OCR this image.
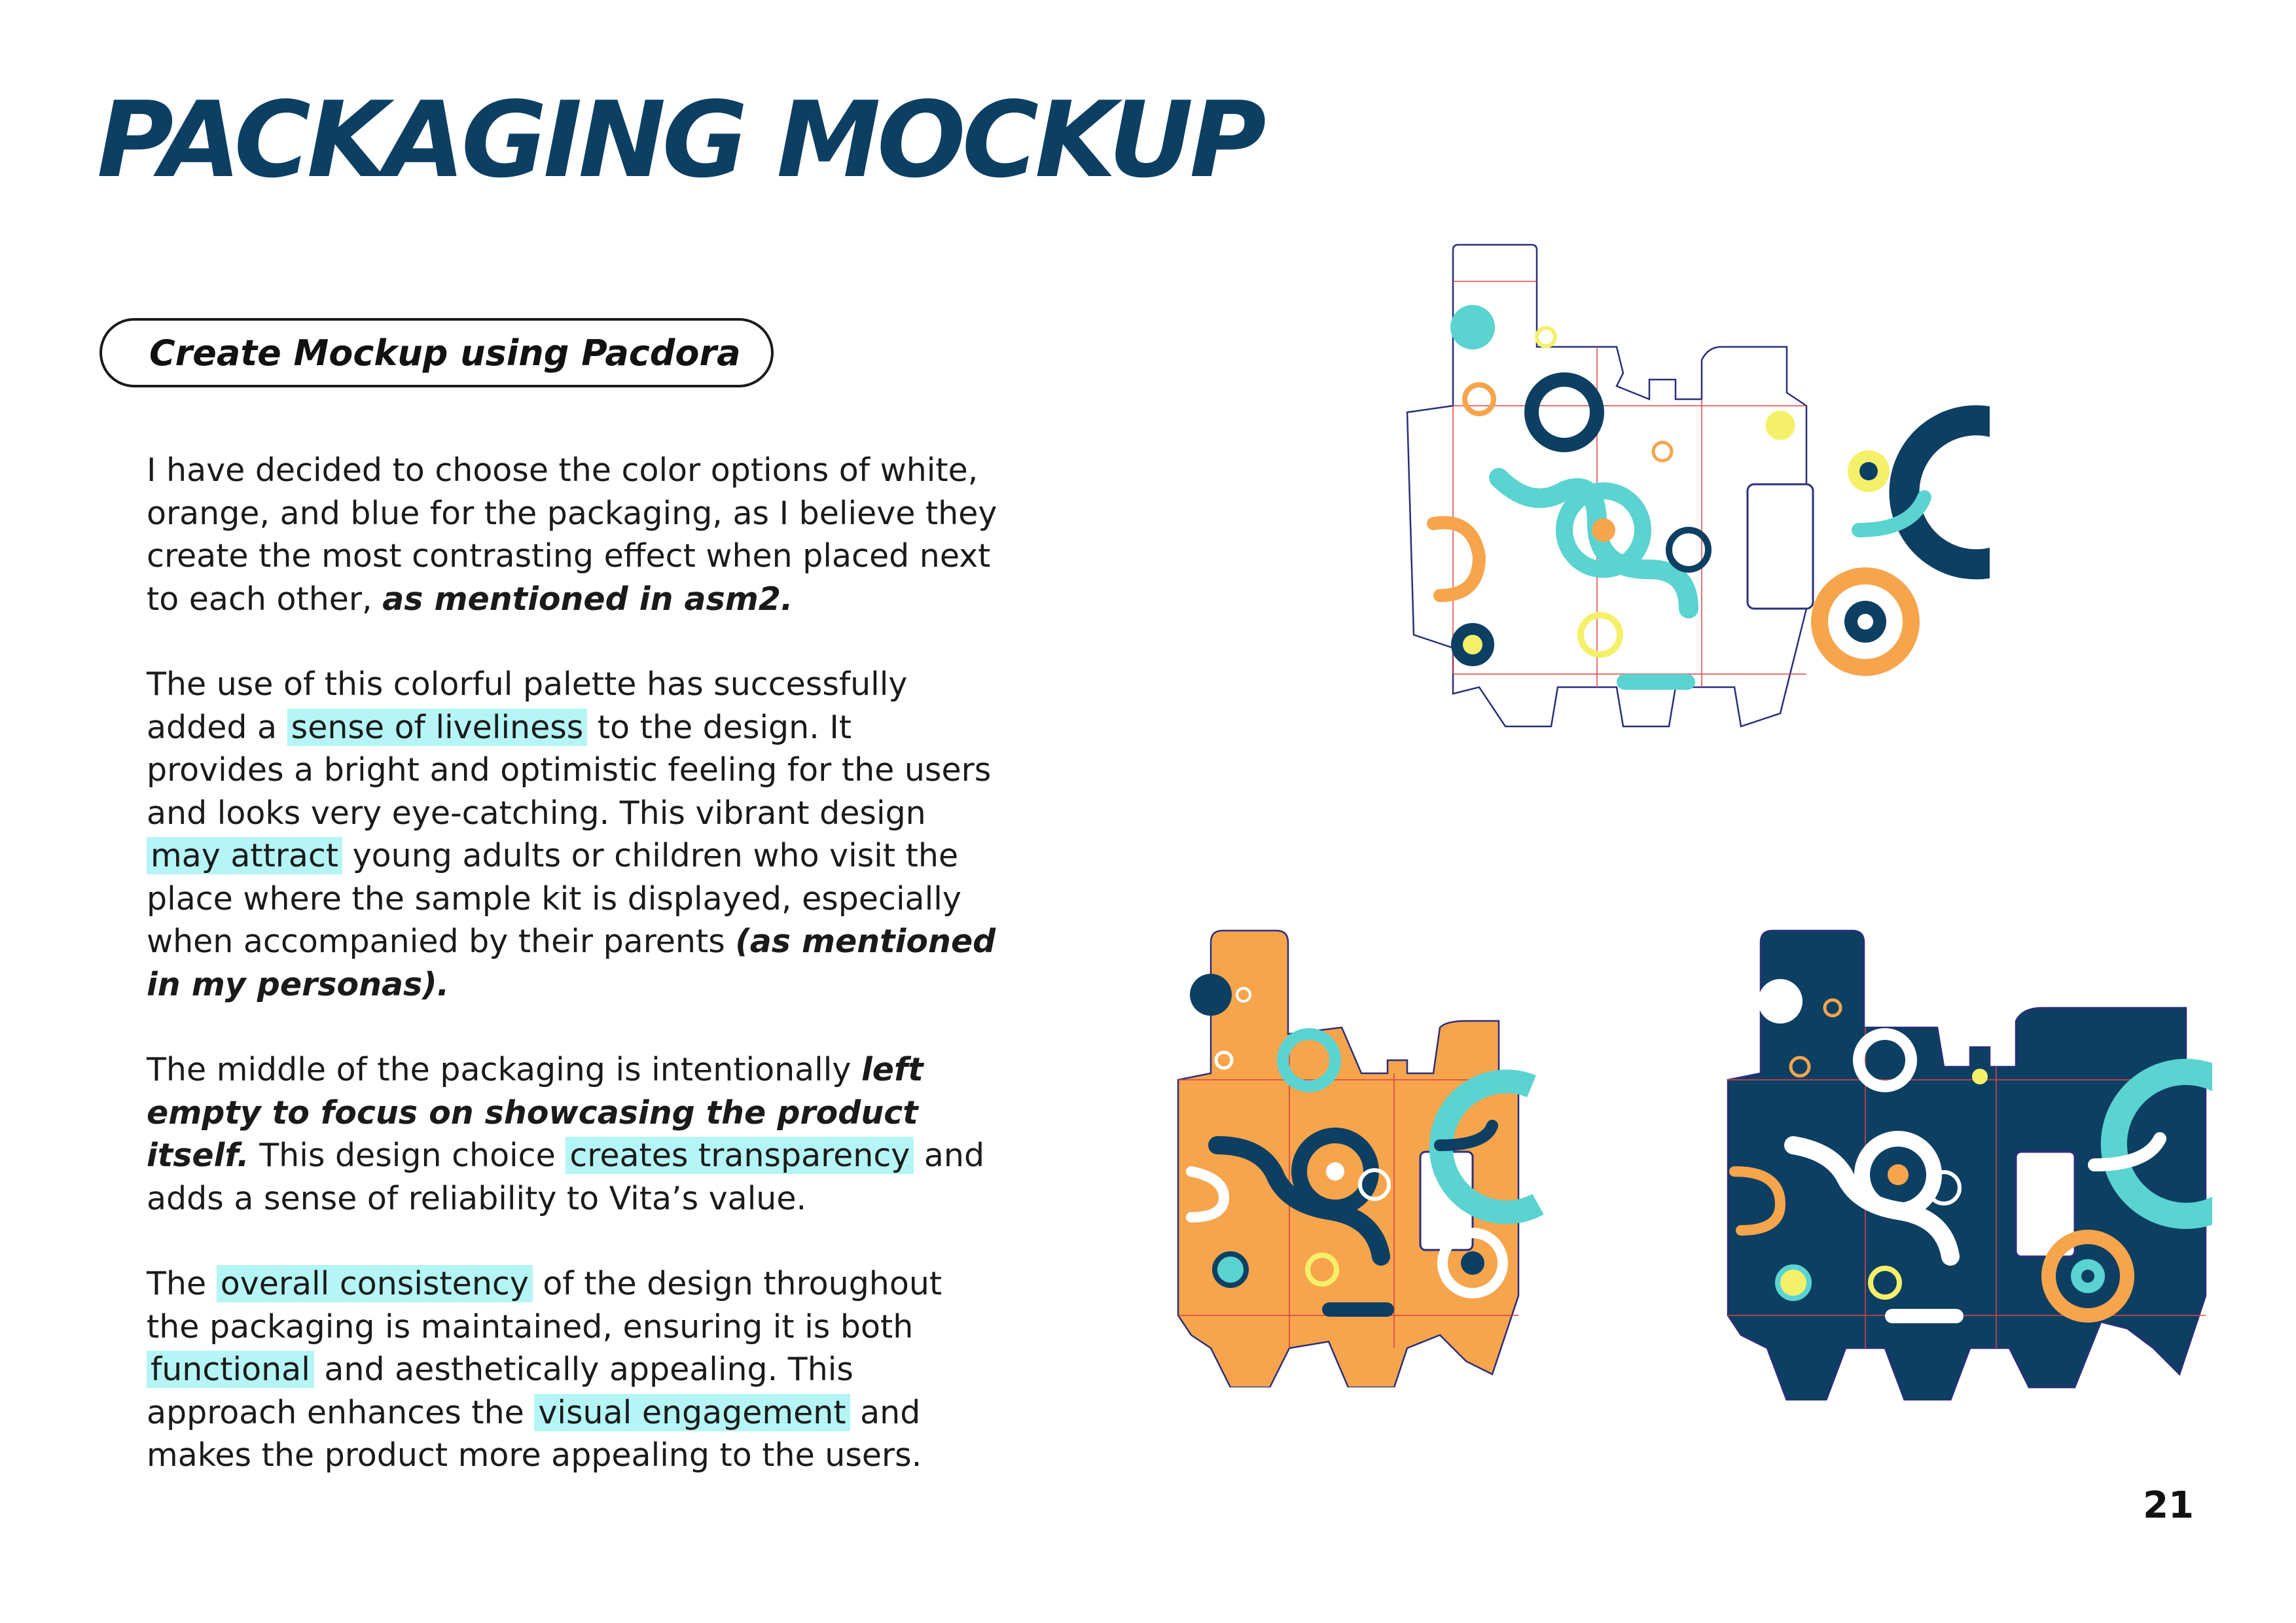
PACKAGING MOCKUP
Create Mockup using Pacdora

I have decided to choose the color options of white, orange, and blue for the packaging, as I believe they create the most contrasting effect when placed next to each other, as mentioned in asm2.

The use of this colorful palette has successfully added a sense of liveliness to the design. It provides a bright and optimistic feeling for the users and looks very eye-catching. This vibrant design may attract young adults or children who visit the place where the sample kit is displayed, especially when accompanied by their parents (as mentioned in my personas).

The middle of the packaging is intentionally left empty to focus on showcasing the product itself. This design choice creates transparency and adds a sense of reliability to Vita’s value.

The overall consistency of the design throughout the packaging is maintained, ensuring it is both functional and aesthetically appealing. This approach enhances the visual engagement and makes the product more appealing to the users.

21
